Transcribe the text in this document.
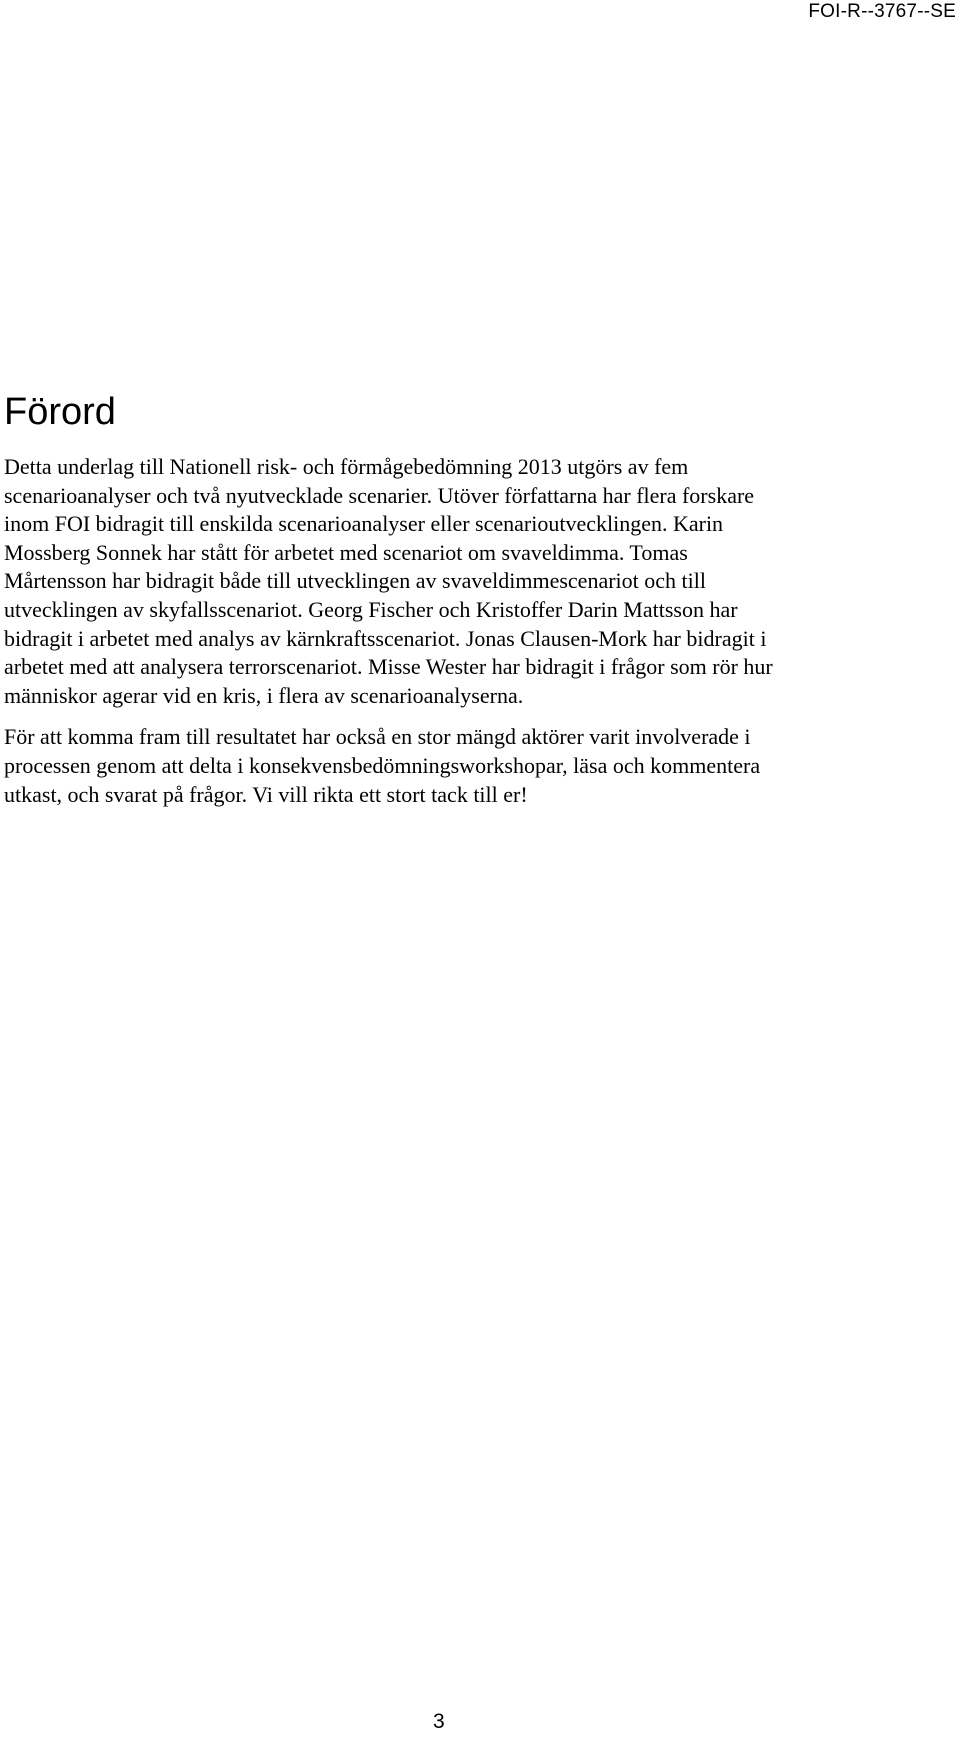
FOI-R--3767--SE
Förord

Detta underlag till Nationell risk- och förmågebedömning 2013 utgörs av fem
scenarioanalyser och två nyutvecklade scenarier. Utöver författarna har flera forskare
inom FOI bidragit till enskilda scenarioanalyser eller scenarioutvecklingen. Karin
Mossberg Sonnek har stått för arbetet med scenariot om svaveldimma. Tomas
Mårtensson har bidragit både till utvecklingen av svaveldimmescenariot och till
utvecklingen av skyfallsscenariot. Georg Fischer och Kristoffer Darin Mattsson har
bidragit i arbetet med analys av kärnkraftsscenariot. Jonas Clausen-Mork har bidragit i
arbetet med att analysera terrorscenariot. Misse Wester har bidragit i frågor som rör hur
människor agerar vid en kris, i flera av scenarioanalyserna.

För att komma fram till resultatet har också en stor mängd aktörer varit involverade i
processen genom att delta i konsekvensbedömningsworkshopar, läsa och kommentera
utkast, och svarat på frågor. Vi vill rikta ett stort tack till er!

3
